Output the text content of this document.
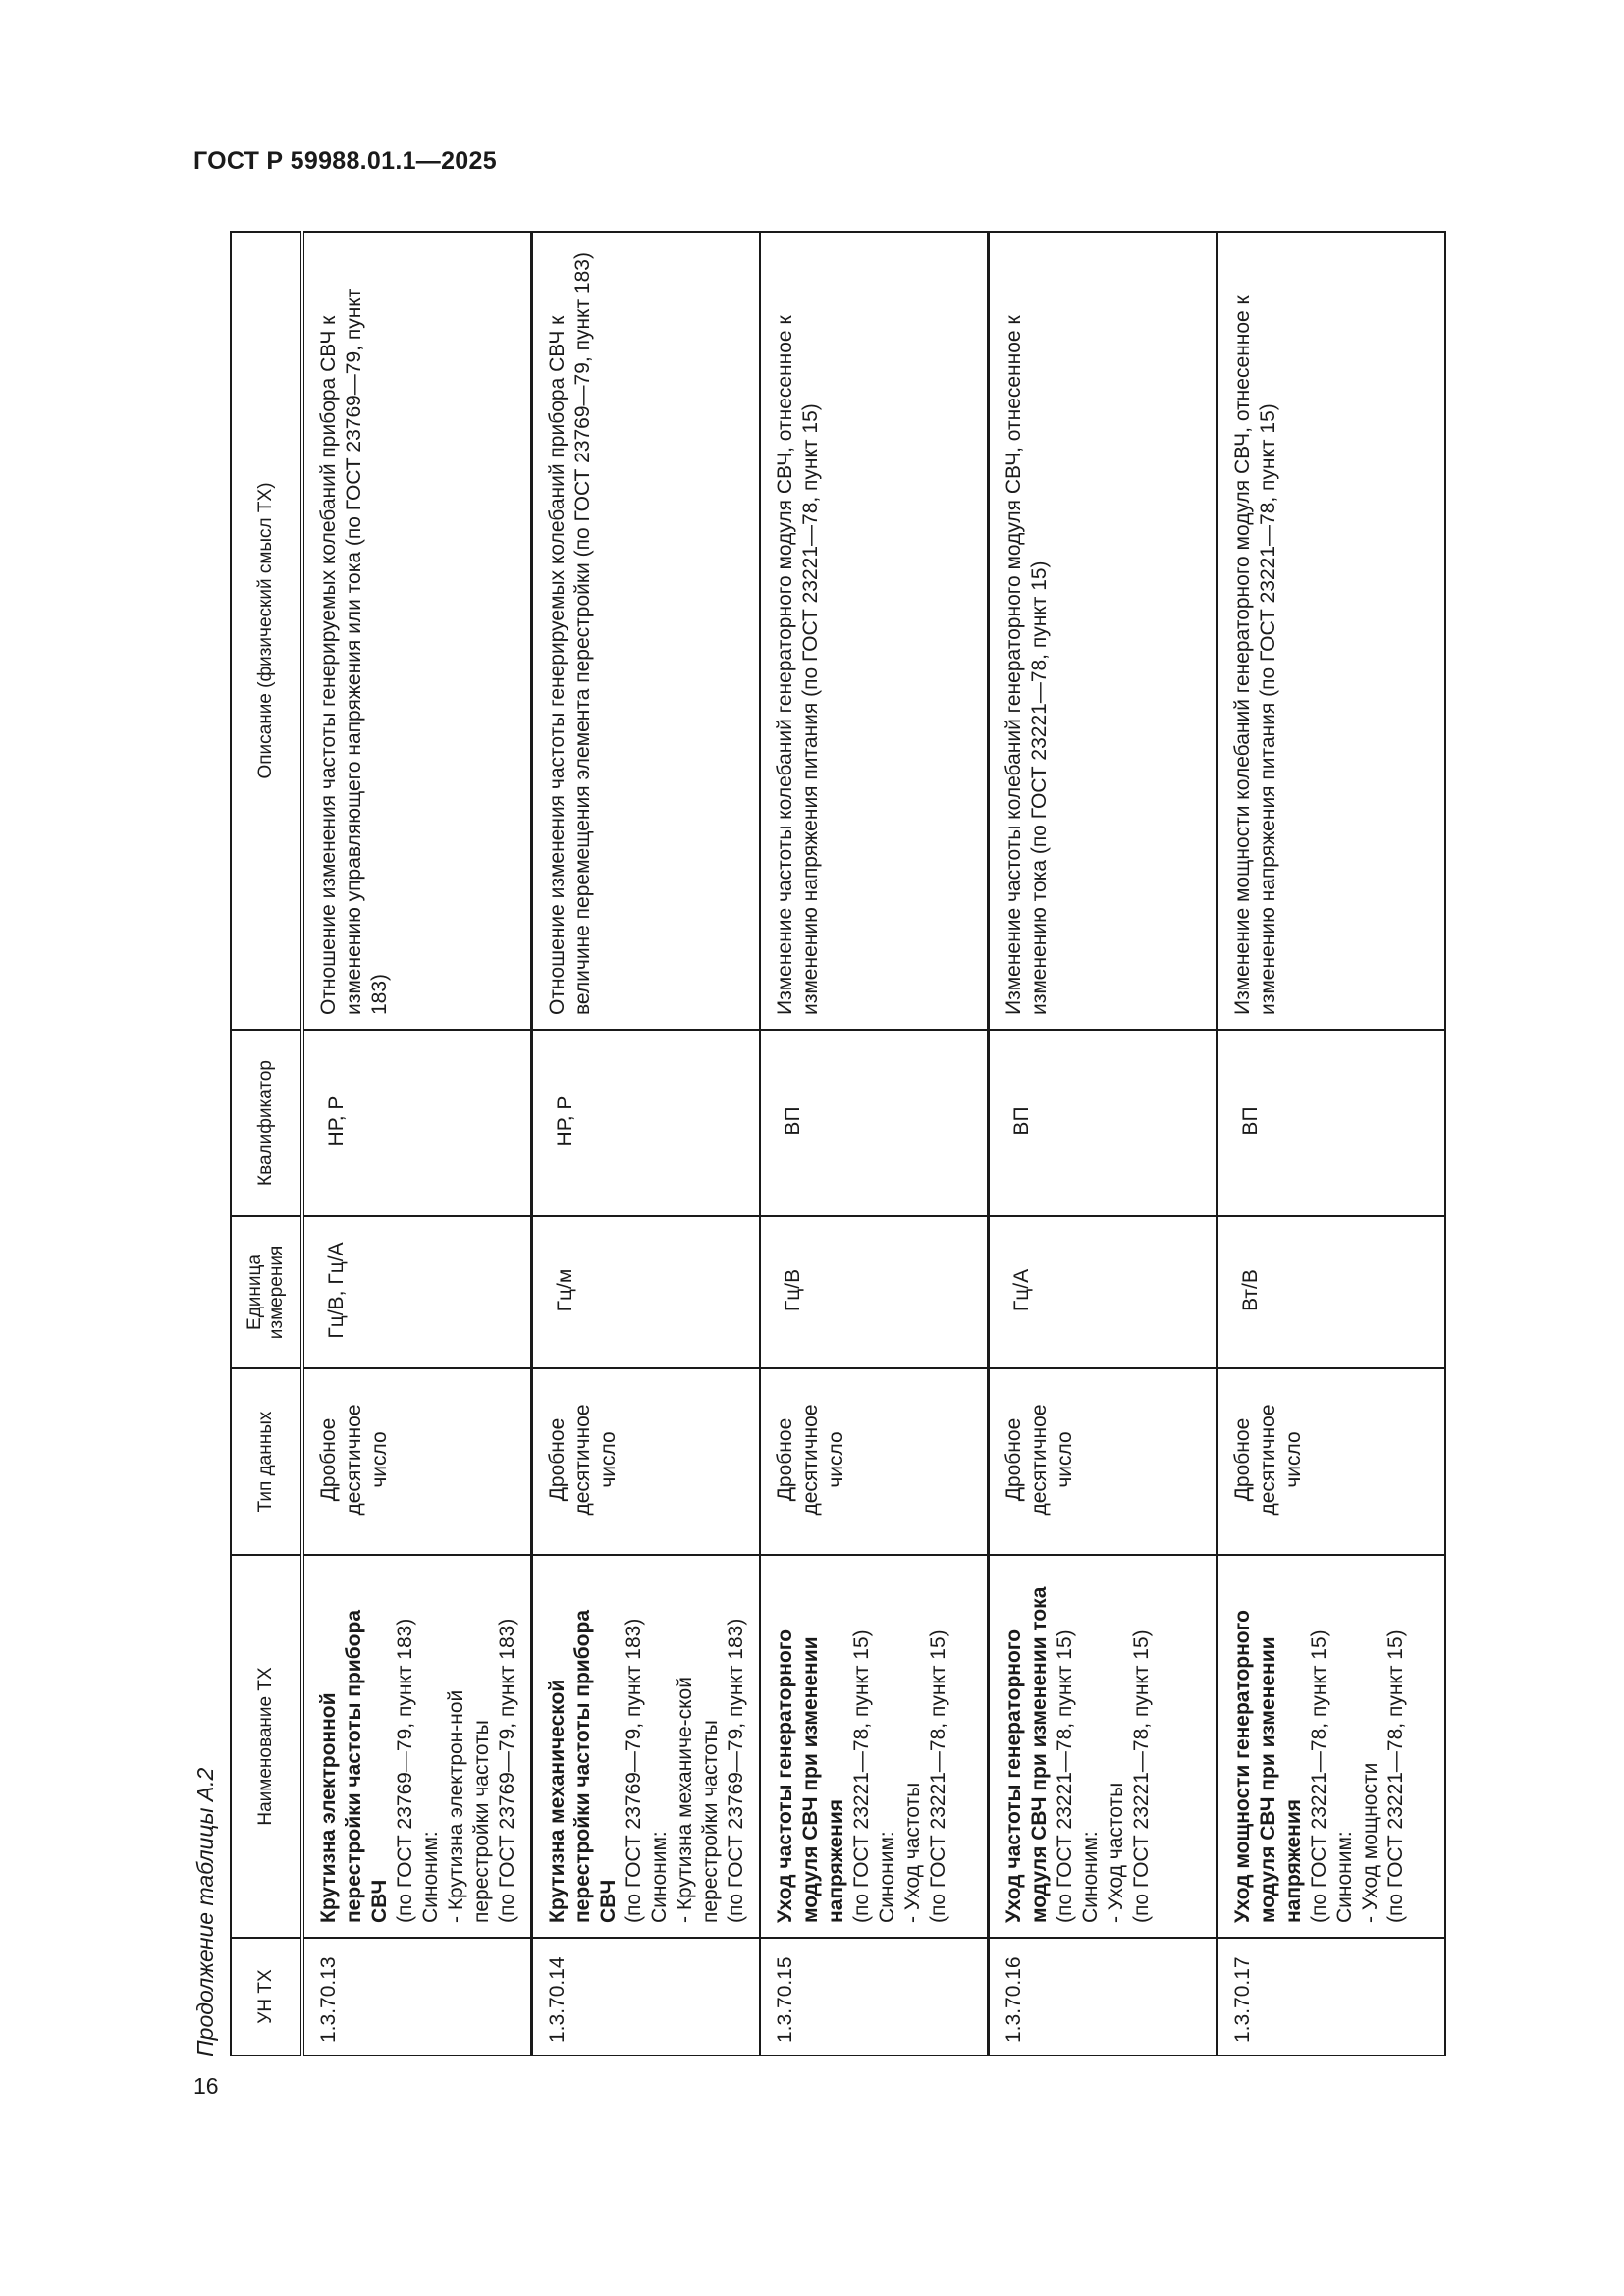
ГОСТ Р 59988.01.1—2025
Продолжение таблицы А.2 УН ТХ	Наименование ТХ	Тип данных	Единица измерения	Квалификатор	Описание (физический смысл ТХ)
1.3.70.13	Крутизна электронной перестройки частоты прибора СВЧ (по ГОСТ 23769—79, пункт 183) Синоним: - Крутизна электрон-ной перестройки частоты (по ГОСТ 23769—79, пункт 183)	Дробное десятичное число	Гц/В, Гц/А	НР, Р	Отношение изменения частоты генерируемых колебаний прибора СВЧ к изменению управляющего напряжения или тока (по ГОСТ 23769—79, пункт 183)
1.3.70.14	Крутизна механической перестройки частоты прибора СВЧ (по ГОСТ 23769—79, пункт 183) Синоним: - Крутизна механиче-ской перестройки частоты (по ГОСТ 23769—79, пункт 183)	Дробное десятичное число	Гц/м	НР, Р	Отношение изменения частоты генерируемых колебаний прибора СВЧ к величине перемещения элемента перестройки (по ГОСТ 23769—79, пункт 183)
1.3.70.15	Уход частоты генераторного модуля СВЧ при изменении напряжения (по ГОСТ 23221—78, пункт 15) Синоним: - Уход частоты (по ГОСТ 23221—78, пункт 15)	Дробное десятичное число	Гц/В	ВП	Изменение частоты колебаний генераторного модуля СВЧ, отнесенное к изменению напряжения питания (по ГОСТ 23221—78, пункт 15)
1.3.70.16	Уход частоты генераторного модуля СВЧ при изменении тока (по ГОСТ 23221—78, пункт 15) Синоним: - Уход частоты (по ГОСТ 23221—78, пункт 15)	Дробное десятичное число	Гц/А	ВП	Изменение частоты колебаний генераторного модуля СВЧ, отнесенное к изменению тока (по ГОСТ 23221—78, пункт 15)
1.3.70.17	Уход мощности генераторного модуля СВЧ при изменении напряжения (по ГОСТ 23221—78, пункт 15) Синоним: - Уход мощности (по ГОСТ 23221—78, пункт 15)	Дробное десятичное число	Вт/В	ВП	Изменение мощности колебаний генераторного модуля СВЧ, отнесенное к изменению напряжения питания (по ГОСТ 23221—78, пункт 15)
16
